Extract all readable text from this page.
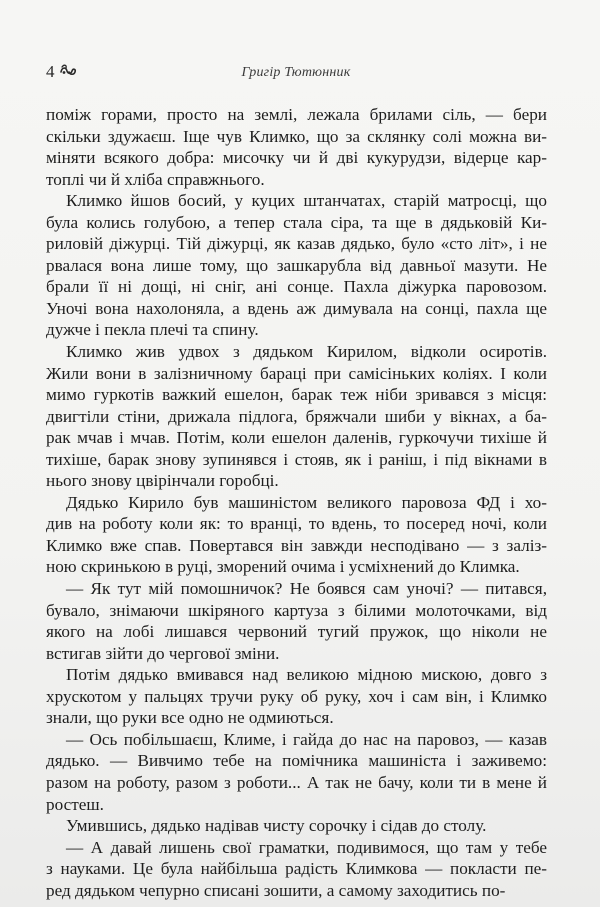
4	Григір Тютюнник
поміж горами, просто на землі, лежала брилами сіль, — бери
скільки здужаєш. Іще чув Климко, що за склянку солі можна ви-
міняти всякого добра: мисочку чи й дві кукурудзи, відерце кар-
топлі чи й хліба справжнього.
Климко йшов босий, у куцих штанчатах, старій матросці, що
була колись голубою, а тепер стала сіра, та ще в дядьковій Ки-
риловій діжурці. Тій діжурці, як казав дядько, було «сто літ», і не
рвалася вона лише тому, що зашкарубла від давньої мазути. Не
брали її ні дощі, ні сніг, ані сонце. Пахла діжурка паровозом.
Уночі вона нахолоняла, а вдень аж димувала на сонці, пахла ще
дужче і пекла плечі та спину.
Климко жив удвох з дядьком Кирилом, відколи осиротів.
Жили вони в залізничному бараці при самісіньких коліях. І коли
мимо гуркотів важкий ешелон, барак теж ніби зривався з місця:
двигтіли стіни, дрижала підлога, бряжчали шиби у вікнах, а ба-
рак мчав і мчав. Потім, коли ешелон даленів, гуркочучи тихіше й
тихіше, барак знову зупинявся і стояв, як і раніш, і під вікнами в
нього знову цвірінчали горобці.
Дядько Кирило був машиністом великого паровоза ФД і хо-
див на роботу коли як: то вранці, то вдень, то посеред ночі, коли
Климко вже спав. Повертався він завжди несподівано — з заліз-
ною скринькою в руці, зморений очима і усміхнений до Климка.
— Як тут мій помошничок? Не боявся сам уночі? — питався,
бувало, знімаючи шкіряного картуза з білими молоточками, від
якого на лобі лишався червоний тугий пружок, що ніколи не
встигав зійти до чергової зміни.
Потім дядько вмивався над великою мідною мискою, довго з
хрускотом у пальцях тручи руку об руку, хоч і сам він, і Климко
знали, що руки все одно не одмиються.
— Ось побільшаєш, Климе, і гайда до нас на паровоз, — казав
дядько. — Вивчимо тебе на помічника машиніста і заживемо:
разом на роботу, разом з роботи... А так не бачу, коли ти в мене й
ростеш.
Умившись, дядько надівав чисту сорочку і сідав до столу.
— А давай лишень свої граматки, подивимося, що там у тебе
з науками. Це була найбільша радість Климкова — покласти пе-
ред дядьком чепурно списані зошити, а самому заходитись по-
